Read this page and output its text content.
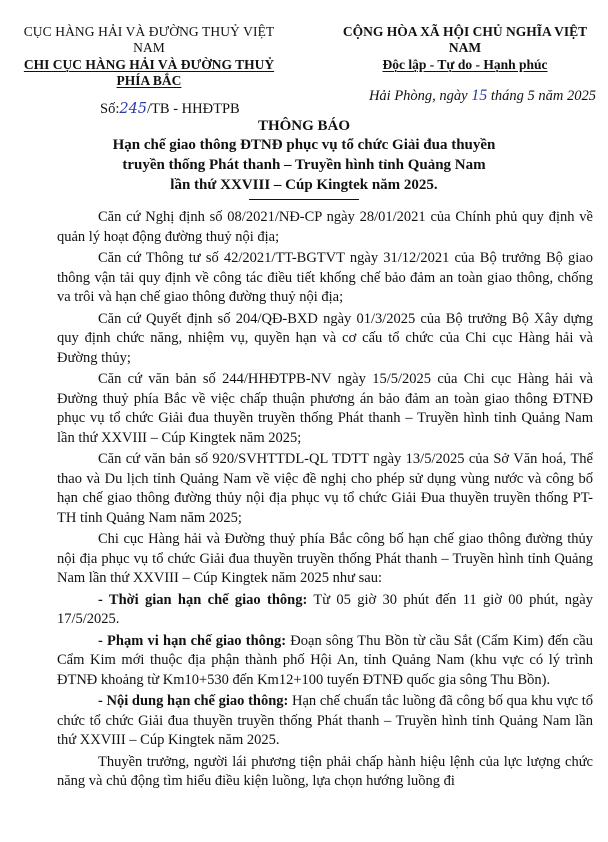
CỤC HÀNG HẢI VÀ ĐƯỜNG THUỶ VIỆT NAM
CHI CỤC HÀNG HẢI VÀ ĐƯỜNG THUỶ PHÍA BẮC
Số:245/TB - HHĐTPB
CỘNG HÒA XÃ HỘI CHỦ NGHĨA VIỆT NAM
Độc lập - Tự do - Hạnh phúc
Hải Phòng, ngày 15 tháng 5 năm 2025
THÔNG BÁO
Hạn chế giao thông ĐTNĐ phục vụ tổ chức Giải đua thuyền
truyền thống Phát thanh – Truyền hình tỉnh Quảng Nam
lần thứ XXVIII – Cúp Kingtek năm 2025.

Căn cứ Nghị định số 08/2021/NĐ-CP ngày 28/01/2021 của Chính phủ quy định về quản lý hoạt động đường thuỷ nội địa;

Căn cứ Thông tư số 42/2021/TT-BGTVT ngày 31/12/2021 của Bộ trưởng Bộ giao thông vận tải quy định về công tác điều tiết khống chế bảo đảm an toàn giao thông, chống va trôi và hạn chế giao thông đường thuỷ nội địa;

Căn cứ Quyết định số 204/QĐ-BXD ngày 01/3/2025 của Bộ trưởng Bộ Xây dựng quy định chức năng, nhiệm vụ, quyền hạn và cơ cấu tổ chức của Chi cục Hàng hải và Đường thủy;

Căn cứ văn bản số 244/HHĐTPB-NV ngày 15/5/2025 của Chi cục Hàng hải và Đường thuỷ phía Bắc về việc chấp thuận phương án bảo đảm an toàn giao thông ĐTNĐ phục vụ tổ chức Giải đua thuyền truyền thống Phát thanh – Truyền hình tỉnh Quảng Nam lần thứ XXVIII – Cúp Kingtek năm 2025;

Căn cứ văn bản số 920/SVHTTDL-QL TDTT ngày 13/5/2025 của Sở Văn hoá, Thể thao và Du lịch tỉnh Quảng Nam về việc đề nghị cho phép sử dụng vùng nước và công bố hạn chế giao thông đường thủy nội địa phục vụ tổ chức Giải Đua thuyền truyền thống PT-TH tỉnh Quảng Nam năm 2025;

Chi cục Hàng hải và Đường thuỷ phía Bắc công bố hạn chế giao thông đường thủy nội địa phục vụ tổ chức Giải đua thuyền truyền thống Phát thanh – Truyền hình tỉnh Quảng Nam lần thứ XXVIII – Cúp Kingtek năm 2025 như sau:

- Thời gian hạn chế giao thông: Từ 05 giờ 30 phút đến 11 giờ 00 phút, ngày 17/5/2025.

- Phạm vi hạn chế giao thông: Đoạn sông Thu Bồn từ cầu Sắt (Cẩm Kim) đến cầu Cẩm Kim mới thuộc địa phận thành phố Hội An, tỉnh Quảng Nam (khu vực có lý trình ĐTNĐ khoảng từ Km10+530 đến Km12+100 tuyến ĐTNĐ quốc gia sông Thu Bồn).

- Nội dung hạn chế giao thông: Hạn chế chuẩn tắc luồng đã công bố qua khu vực tổ chức tổ chức Giải đua thuyền truyền thống Phát thanh – Truyền hình tỉnh Quảng Nam lần thứ XXVIII – Cúp Kingtek năm 2025.

Thuyền trưởng, người lái phương tiện phải chấp hành hiệu lệnh của lực lượng chức năng và chủ động tìm hiểu điều kiện luồng, lựa chọn hướng luồng đi
